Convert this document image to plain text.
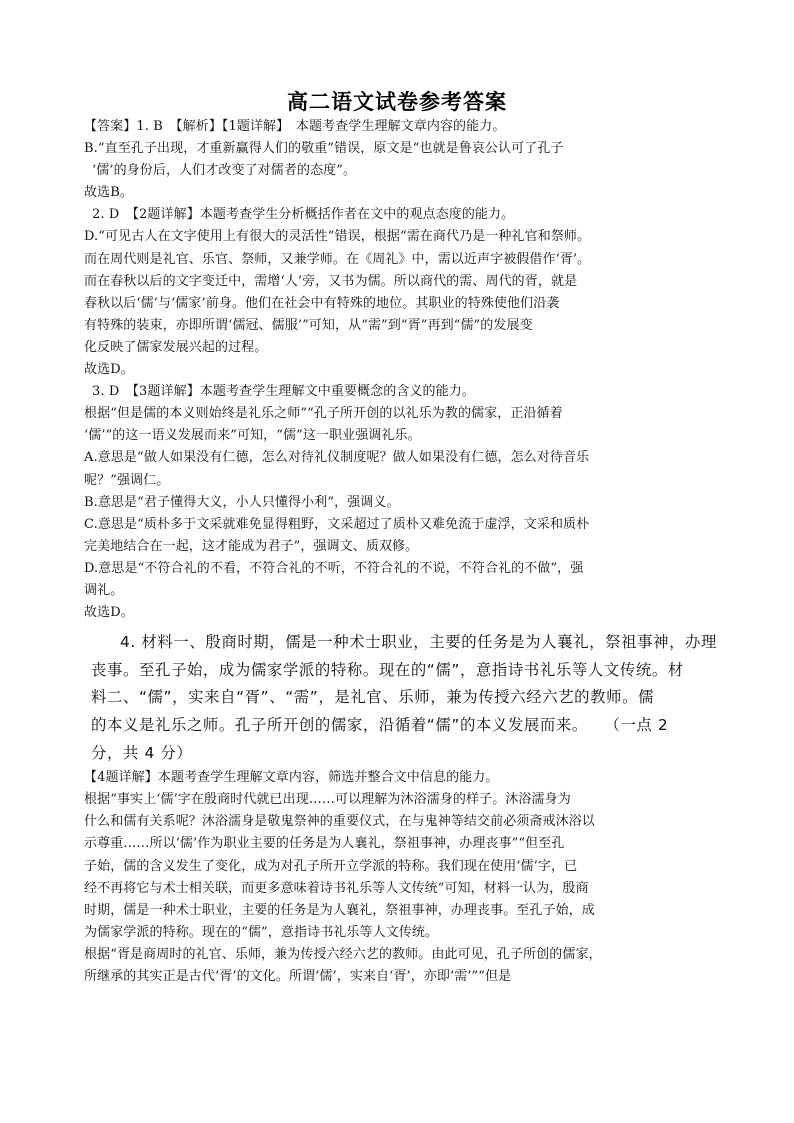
高二语文试卷参考答案

【答案】1. B　【解析】【1题详解】　本题考查学生理解文章内容的能力。

B.“直至孔子出现，才重新赢得人们的敬重”错误，原文是“也就是鲁哀公认可了孔子

‘儒’的身份后，人们才改变了对儒者的态度”。

故选B。

2. D　【2题详解】本题考查学生分析概括作者在文中的观点态度的能力。

D.“可见古人在文字使用上有很大的灵活性”错误，根据“需在商代乃是一种礼官和祭师。

而在周代则是礼官、乐官、祭师，又兼学师。在《周礼》中，需以近声字被假借作‘胥’。

而在春秋以后的文字变迁中，需增‘人’旁，又书为儒。所以商代的需、周代的胥，就是

春秋以后‘儒’与‘儒家’前身。他们在社会中有特殊的地位。其职业的特殊使他们沿袭

有特殊的装束，亦即所谓‘儒冠、儒服’”可知，从“需”到“胥”再到“儒”的发展变

化反映了儒家发展兴起的过程。

故选D。

3. D　【3题详解】本题考查学生理解文中重要概念的含义的能力。

根据“但是儒的本义则始终是礼乐之师”“孔子所开创的以礼乐为教的儒家，正沿循着

‘儒’”的这一语义发展而来”可知，“儒”这一职业强调礼乐。

A.意思是“做人如果没有仁德，怎么对待礼仪制度呢？做人如果没有仁德，怎么对待音乐

呢？”强调仁。

B.意思是“君子懂得大义，小人只懂得小利”，强调义。

C.意思是“质朴多于文采就难免显得粗野，文采超过了质朴又难免流于虚浮，文采和质朴

完美地结合在一起，这才能成为君子”，强调文、质双修。

D.意思是“不符合礼的不看，不符合礼的不听，不符合礼的不说，不符合礼的不做”，强

调礼。

故选D。

4. 材料一、殷商时期，儒是一种术士职业，主要的任务是为人襄礼，祭祖事神，办理
丧事。至孔子始，成为儒家学派的特称。现在的“儒”，意指诗书礼乐等人文传统。材
料二、“儒”，实来自“胥”、“需”，是礼官、乐师，兼为传授六经六艺的教师。儒
的本义是礼乐之师。孔子所开创的儒家，沿循着“儒”的本义发展而来。　　（一点 2
分，共 4 分）

【4题详解】本题考查学生理解文章内容，筛选并整合文中信息的能力。

根据“事实上‘儒’字在殷商时代就已出现……可以理解为沐浴濡身的样子。沐浴濡身为

什么和儒有关系呢？沐浴濡身是敬鬼祭神的重要仪式，在与鬼神等结交前必须斋戒沐浴以

示尊重……所以‘儒’作为职业主要的任务是为人襄礼，祭祖事神，办理丧事”“但至孔

子始，儒的含义发生了变化，成为对孔子所开立学派的特称。我们现在使用‘儒’字，已

经不再将它与术士相关联，而更多意味着诗书礼乐等人文传统”可知，材料一认为，殷商

时期，儒是一种术士职业，主要的任务是为人襄礼，祭祖事神，办理丧事。至孔子始，成

为儒家学派的特称。现在的“儒”，意指诗书礼乐等人文传统。

根据“胥是商周时的礼官、乐师，兼为传授六经六艺的教师。由此可见，孔子所创的儒家，

所继承的其实正是古代‘胥’的文化。所谓‘儒’，实来自‘胥’，亦即‘需’”“但是
